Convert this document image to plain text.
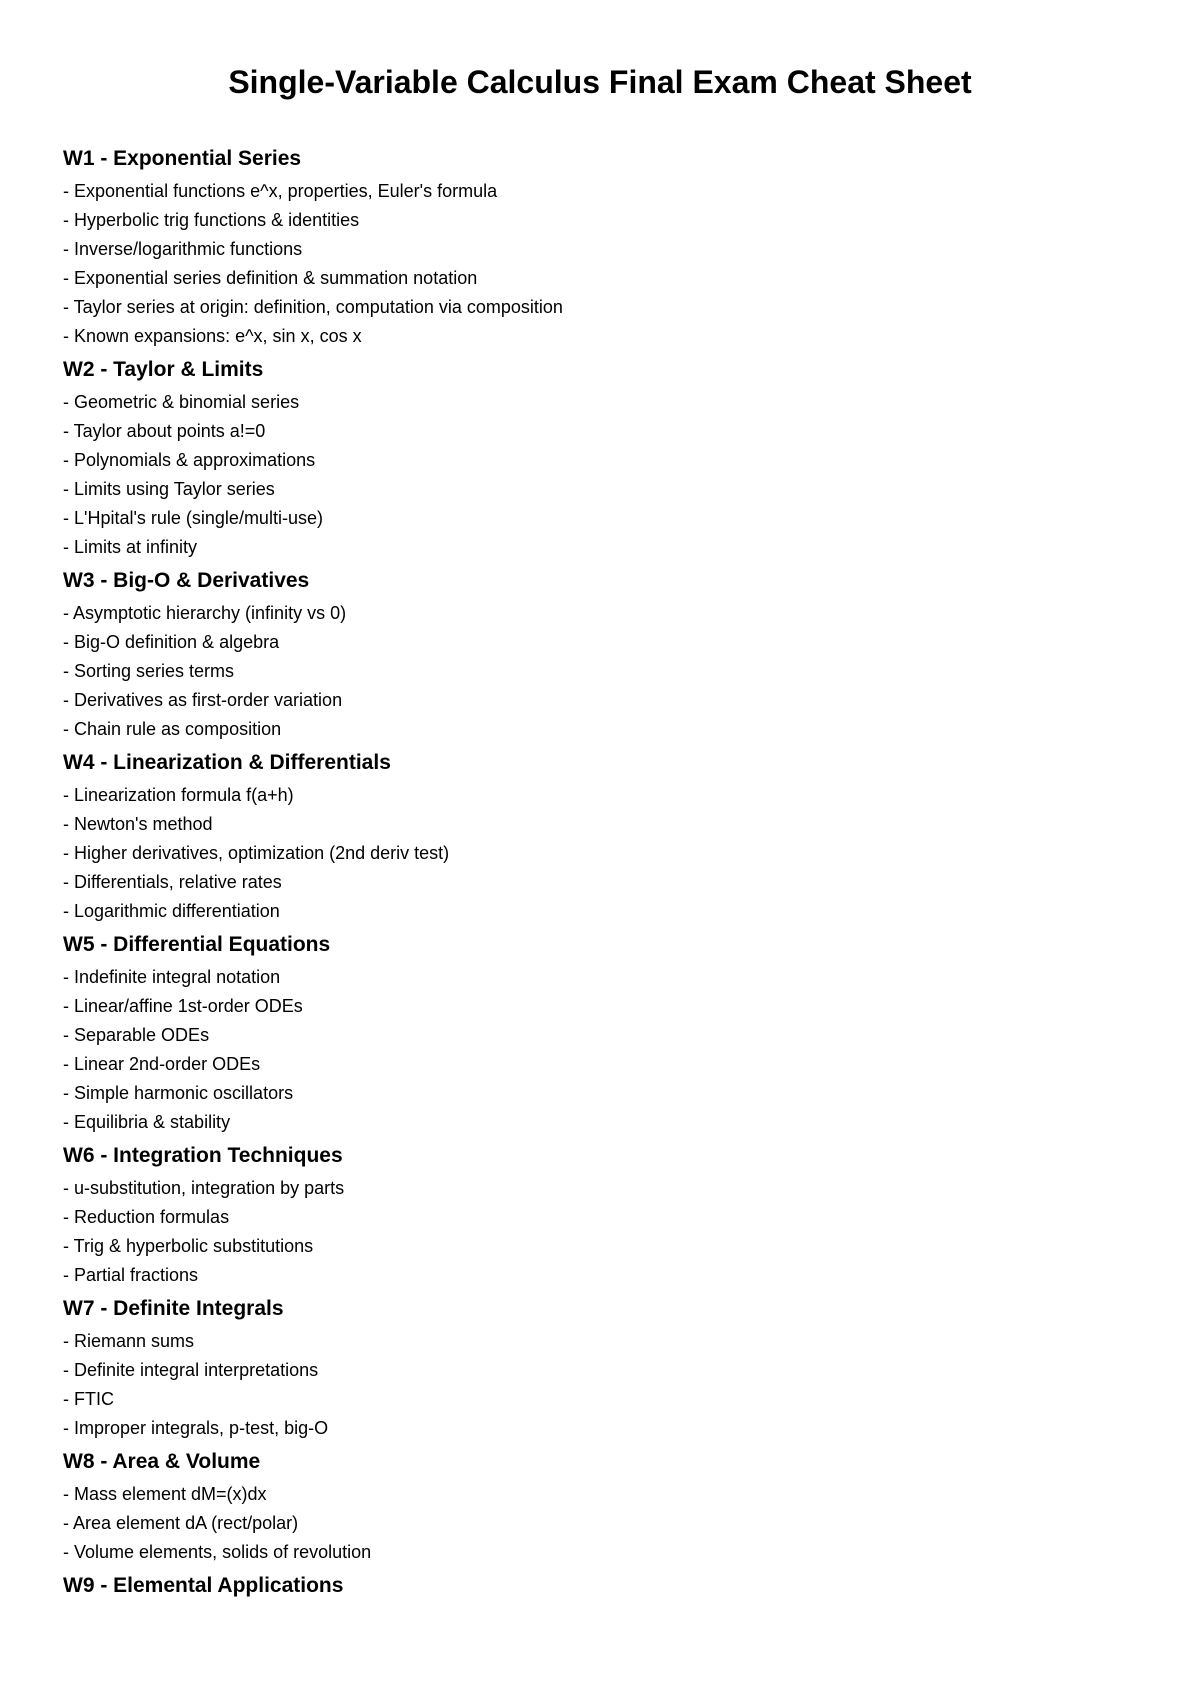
Single-Variable Calculus Final Exam Cheat Sheet
W1 - Exponential Series
- Exponential functions e^x, properties, Euler's formula
- Hyperbolic trig functions & identities
- Inverse/logarithmic functions
- Exponential series definition & summation notation
- Taylor series at origin: definition, computation via composition
- Known expansions: e^x, sin x, cos x
W2 - Taylor & Limits
- Geometric & binomial series
- Taylor about points a!=0
- Polynomials & approximations
- Limits using Taylor series
- L'Hpital's rule (single/multi-use)
- Limits at infinity
W3 - Big-O & Derivatives
- Asymptotic hierarchy (infinity vs 0)
- Big-O definition & algebra
- Sorting series terms
- Derivatives as first-order variation
- Chain rule as composition
W4 - Linearization & Differentials
- Linearization formula f(a+h)
- Newton's method
- Higher derivatives, optimization (2nd deriv test)
- Differentials, relative rates
- Logarithmic differentiation
W5 - Differential Equations
- Indefinite integral notation
- Linear/affine 1st-order ODEs
- Separable ODEs
- Linear 2nd-order ODEs
- Simple harmonic oscillators
- Equilibria & stability
W6 - Integration Techniques
- u-substitution, integration by parts
- Reduction formulas
- Trig & hyperbolic substitutions
- Partial fractions
W7 - Definite Integrals
- Riemann sums
- Definite integral interpretations
- FTIC
- Improper integrals, p-test, big-O
W8 - Area & Volume
- Mass element dM=(x)dx
- Area element dA (rect/polar)
- Volume elements, solids of revolution
W9 - Elemental Applications
